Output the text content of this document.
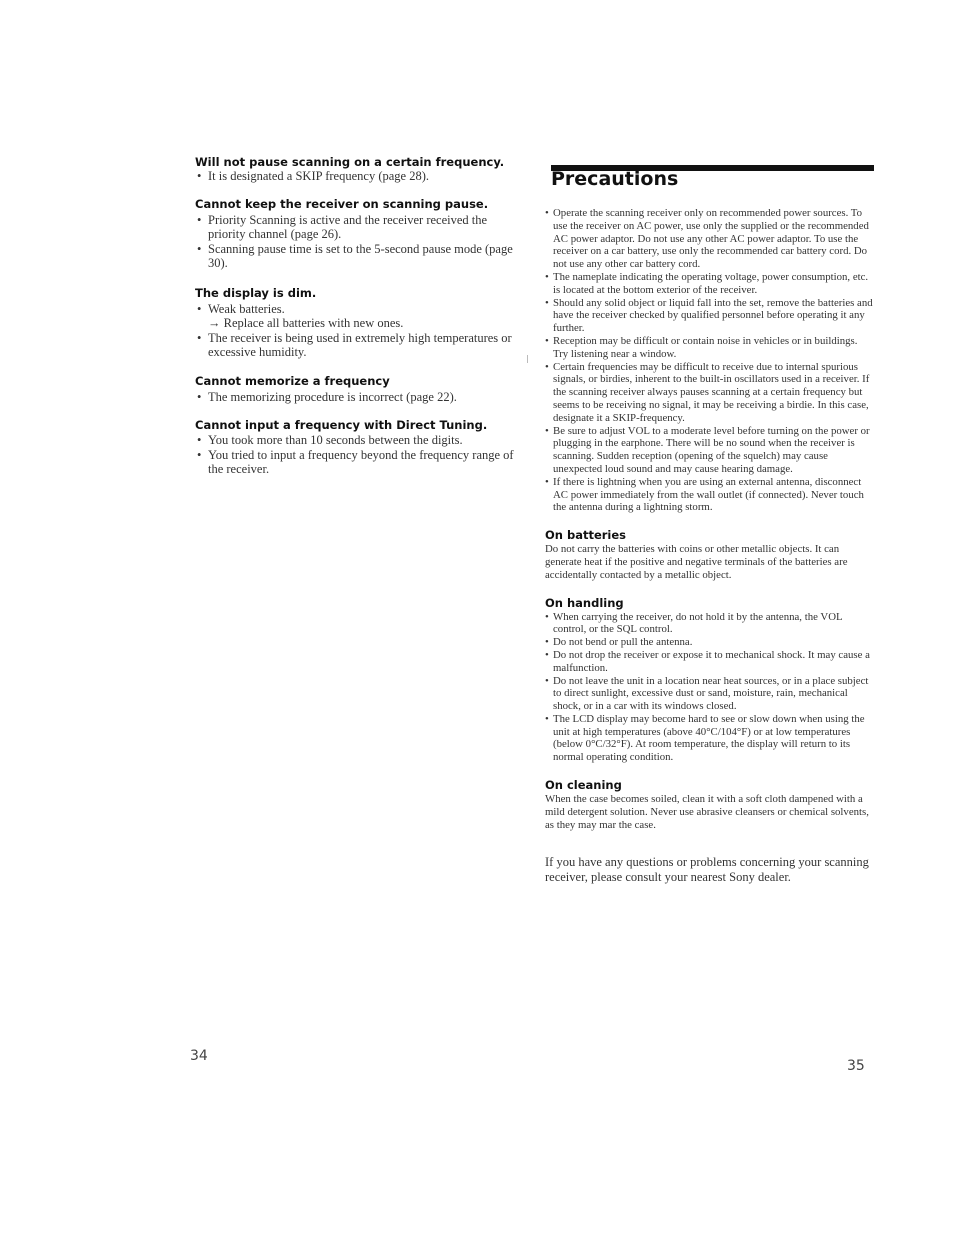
Will not pause scanning on a certain frequency.

• It is designated a SKIP frequency (page 28).

Cannot keep the receiver on scanning pause.

• Priority Scanning is active and the receiver received the priority channel (page 26).
• Scanning pause time is set to the 5-second pause mode (page 30).

The display is dim.

• Weak batteries.
→ Replace all batteries with new ones.
• The receiver is being used in extremely high temperatures or excessive humidity.

Cannot memorize a frequency

• The memorizing procedure is incorrect (page 22).

Cannot input a frequency with Direct Tuning.

• You took more than 10 seconds between the digits.
• You tried to input a frequency beyond the frequency range of the receiver.
Precautions
• Operate the scanning receiver only on recommended power sources. To use the receiver on AC power, use only the supplied or the recommended AC power adaptor. Do not use any other AC power adaptor. To use the receiver on a car battery, use only the recommended car battery cord. Do not use any other car battery cord.
• The nameplate indicating the operating voltage, power consumption, etc. is located at the bottom exterior of the receiver.
• Should any solid object or liquid fall into the set, remove the batteries and have the receiver checked by qualified personnel before operating it any further.
• Reception may be difficult or contain noise in vehicles or in buildings. Try listening near a window.
• Certain frequencies may be difficult to receive due to internal spurious signals, or birdies, inherent to the built-in oscillators used in a receiver. If the scanning receiver always pauses scanning at a certain frequency but seems to be receiving no signal, it may be receiving a birdie. In this case, designate it a SKIP-frequency.
• Be sure to adjust VOL to a moderate level before turning on the power or plugging in the earphone. There will be no sound when the receiver is scanning. Sudden reception (opening of the squelch) may cause unexpected loud sound and may cause hearing damage.
• If there is lightning when you are using an external antenna, disconnect AC power immediately from the wall outlet (if connected). Never touch the antenna during a lightning storm.

On batteries

Do not carry the batteries with coins or other metallic objects. It can generate heat if the positive and negative terminals of the batteries are accidentally contacted by a metallic object.

On handling

• When carrying the receiver, do not hold it by the antenna, the VOL control, or the SQL control.
• Do not bend or pull the antenna.
• Do not drop the receiver or expose it to mechanical shock. It may cause a malfunction.
• Do not leave the unit in a location near heat sources, or in a place subject to direct sunlight, excessive dust or sand, moisture, rain, mechanical shock, or in a car with its windows closed.
• The LCD display may become hard to see or slow down when using the unit at high temperatures (above 40°C/104°F) or at low temperatures (below 0°C/32°F). At room temperature, the display will return to its normal operating condition.

On cleaning

When the case becomes soiled, clean it with a soft cloth dampened with a mild detergent solution. Never use abrasive cleansers or chemical solvents, as they may mar the case.

If you have any questions or problems concerning your scanning receiver, please consult your nearest Sony dealer.

34
35
